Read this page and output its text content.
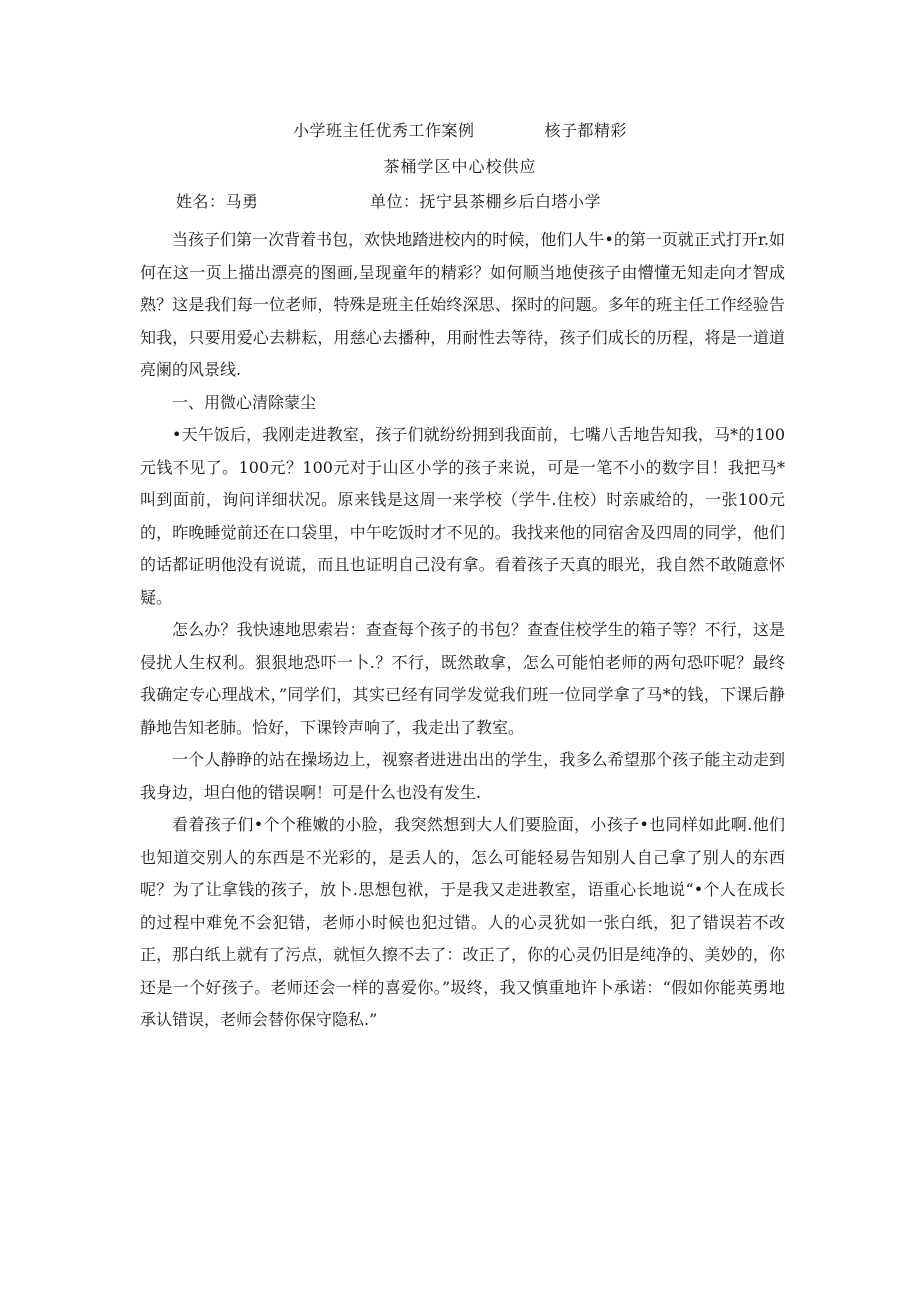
小学班主任优秀工作案例	核子都精彩
茶桶学区中心校供应
姓名：马勇	单位：抚宁县茶棚乡后白塔小学

当孩子们第一次背着书包，欢快地踏进校内的时候，他们人牛•的第一页就正式打开r.如何在这一页上描出漂亮的图画,呈现童年的精彩？如何顺当地使孩子由懵懂无知走向才智成熟？这是我们每一位老师，特殊是班主任始终深思、探时的问题。多年的班主任工作经验告知我，只要用爱心去耕耘，用慈心去播种，用耐性去等待，孩子们成长的历程，将是一道道亮阑的风景线.

一、用微心清除蒙尘

•天午饭后，我刚走进教室，孩子们就纷纷拥到我面前，七嘴八舌地告知我，马*的100元钱不见了。100元？100元对于山区小学的孩子来说，可是一笔不小的数字目！我把马*叫到面前，询问详细状况。原来钱是这周一来学校（学牛.住校）时亲戚给的，一张100元的，昨晚睡觉前还在口袋里，中午吃饭时才不见的。我找来他的同宿舍及四周的同学，他们的话都证明他没有说谎，而且也证明自己没有拿。看着孩子天真的眼光，我自然不敢随意怀疑。

怎么办？我快速地思索岩：查查每个孩子的书包？查查住校学生的箱子等？不行，这是侵扰人生权利。狠狠地恐吓一卜.？不行，既然敢拿，怎么可能怕老师的两句恐吓呢？最终我确定专心理战术，”同学们，其实已经有同学发觉我们班一位同学拿了马*的钱，下课后静静地告知老肺。恰好，下课铃声响了，我走出了教室。

一个人静睁的站在操场边上，视察者进进出出的学生，我多么希望那个孩子能主动走到我身边，坦白他的错误啊！可是什么也没有发生.

看着孩子们•个个稚嫩的小脸，我突然想到大人们要脸面，小孩子•也同样如此啊.他们也知道交别人的东西是不光彩的，是丢人的，怎么可能轻易告知别人自己拿了别人的东西呢？为了让拿钱的孩子，放卜.思想包袱，于是我又走进教室，语重心长地说“•个人在成长的过程中难免不会犯错，老师小时候也犯过错。人的心灵犹如一张白纸，犯了错误若不改正，那白纸上就有了污点，就恒久擦不去了：改正了，你的心灵仍旧是纯净的、美妙的，你还是一个好孩子。老师还会一样的喜爱你。”圾终，我又慎重地许卜承诺：“假如你能英勇地承认错误，老师会替你保守隐私.”
